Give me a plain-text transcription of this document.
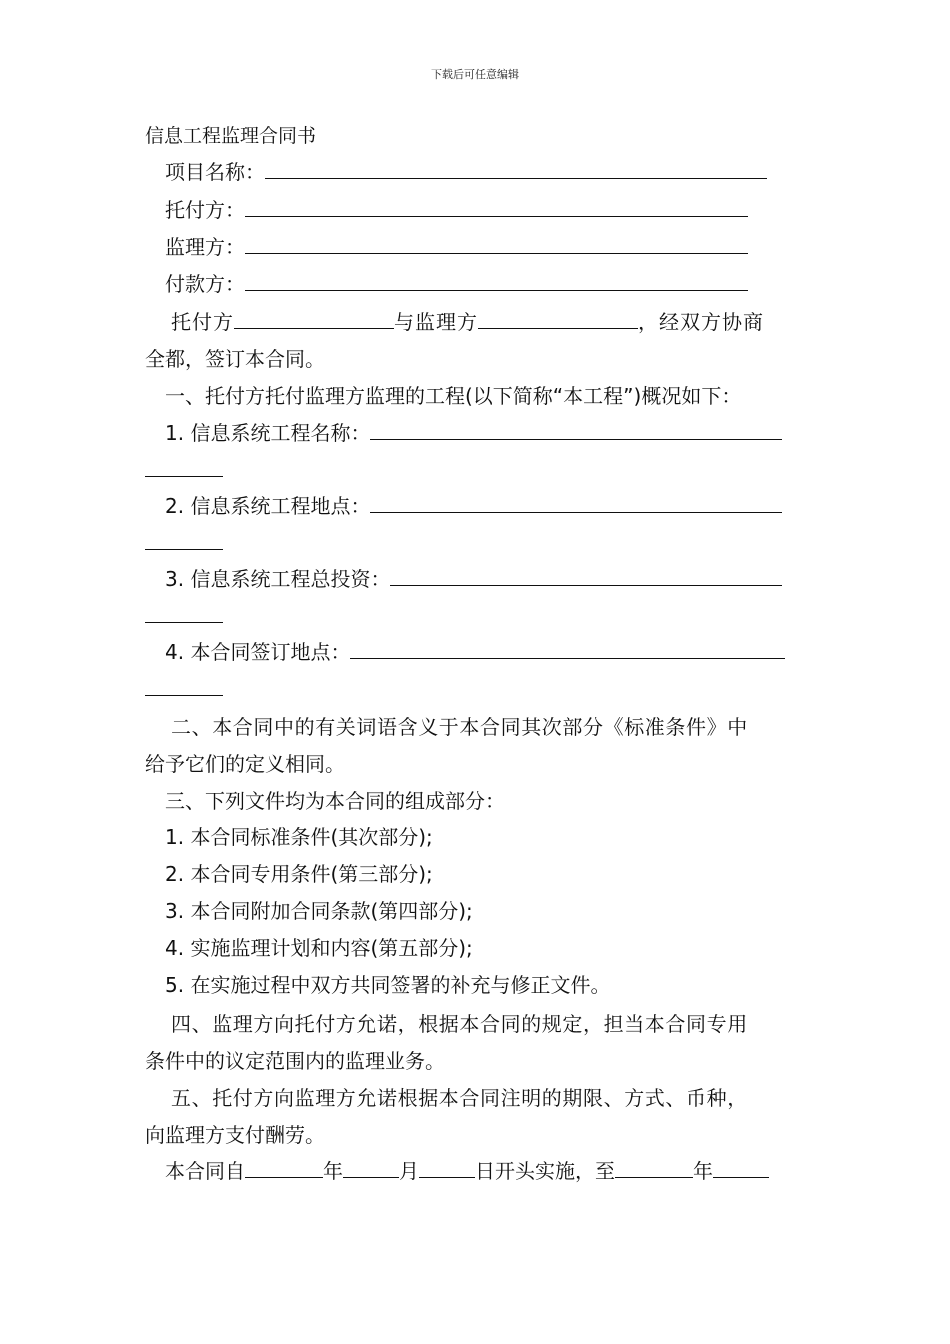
下载后可任意编辑
信息工程监理合同书
项目名称：
托付方：
监理方：
付款方：
托付方	与监理方	，经双方协商
全都，签订本合同。
一、托付方托付监理方监理的工程(以下简称“本工程”)概况如下：
1. 信息系统工程名称：
2. 信息系统工程地点：
3. 信息系统工程总投资：
4. 本合同签订地点：
二、本合同中的有关词语含义于本合同其次部分《标准条件》中
给予它们的定义相同。
三、下列文件均为本合同的组成部分：
1. 本合同标准条件(其次部分);
2. 本合同专用条件(第三部分);
3. 本合同附加合同条款(第四部分);
4. 实施监理计划和内容(第五部分);
5. 在实施过程中双方共同签署的补充与修正文件。
四、监理方向托付方允诺，根据本合同的规定，担当本合同专用
条件中的议定范围内的监理业务。
五、托付方向监理方允诺根据本合同注明的期限、方式、币种，
向监理方支付酬劳。
本合同自	年	月	日开头实施，至	年
